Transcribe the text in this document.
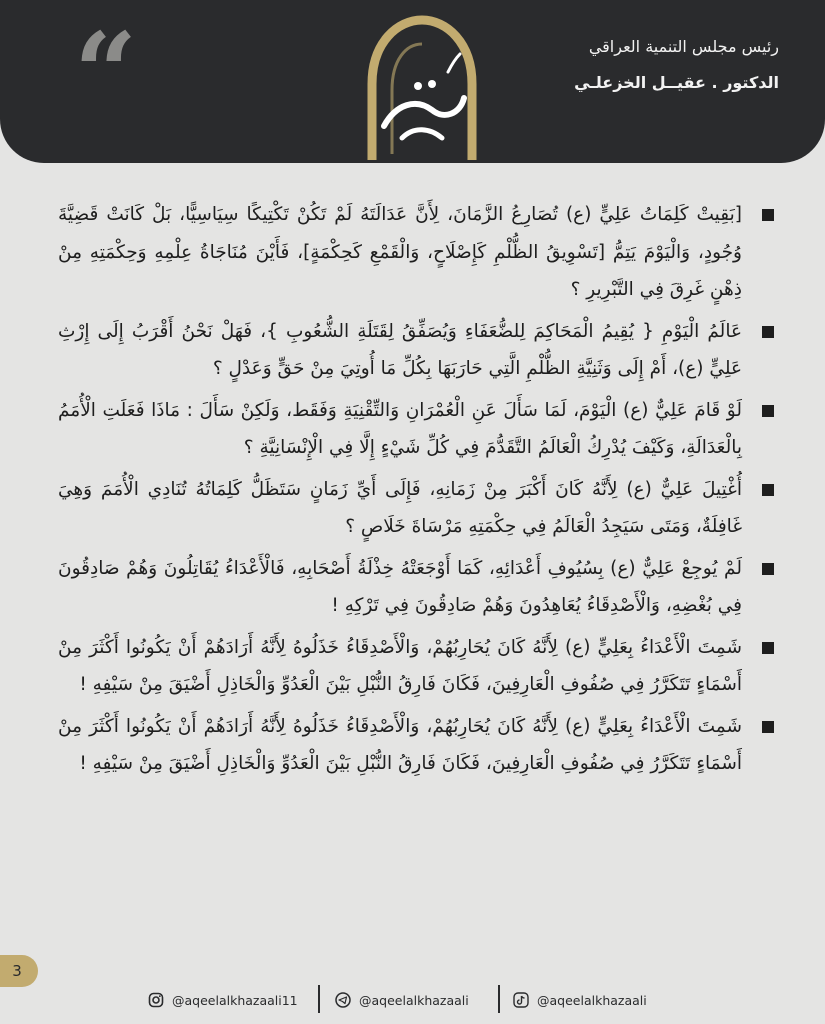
“	رئيس مجلس التنمية العراقي
الدكتور . عقيــل الخزعلـي

[بَقِيتْ كَلِمَاتُ عَلِيٍّ (ع) تُصَارِعُ الزَّمَانَ، لِأَنَّ عَدَالَتَهُ لَمْ تَكُنْ تَكْتِيكًا سِيَاسِيًّا، بَلْ كَانَتْ قَضِيَّةَ وُجُودٍ، وَالْيَوْمَ يَتِمُّ [تَسْوِيقُ الظُّلْمِ كَإِصْلَاحٍ، وَالْقَمْعِ كَحِكْمَةٍ]، فَأَيْنَ مُنَاجَاةُ عِلْمِهِ وَحِكْمَتِهِ مِنْ ذِهْنٍ غَرِقَ فِي التَّبْرِيرِ ؟

عَالَمُ الْيَوْمِ { يُقِيمُ الْمَحَاكِمَ لِلضُّعَفَاءِ وَيُصَفِّقُ لِقَتَلَةِ الشُّعُوبِ }، فَهَلْ نَحْنُ أَقْرَبُ إِلَى إِرْثِ عَلِيٍّ (ع)، أَمْ إِلَى وَثَنِيَّةِ الظُّلْمِ الَّتِي حَارَبَهَا بِكُلِّ مَا أُوتِيَ مِنْ حَقٍّ وَعَدْلٍ ؟

لَوْ قَامَ عَلِيٌّ (ع) الْيَوْمَ، لَمَا سَأَلَ عَنِ الْعُمْرَانِ وَالتِّقْنِيَةِ وَفَقَط، وَلَكِنْ سَأَلَ : مَاذَا فَعَلَتِ الْأُمَمُ بِالْعَدَالَةِ، وَكَيْفَ يُدْرِكُ الْعَالَمُ التَّقَدُّمَ فِي كُلِّ شَيْءٍ إِلَّا فِي الْإِنْسَانِيَّةِ ؟

أُغْتِيلَ عَلِيٌّ (ع) لِأَنَّهُ كَانَ أَكْبَرَ مِنْ زَمَانِهِ، فَإِلَى أَيِّ زَمَانٍ سَتَظَلُّ كَلِمَاتُهُ تُنَادِي الْأُمَمَ وَهِيَ غَافِلَةٌ، وَمَتَى سَيَجِدُ الْعَالَمُ فِي حِكْمَتِهِ مَرْسَاةَ خَلَاصٍ ؟

لَمْ يُوجِعْ عَلِيٌّ (ع) بِسُيُوفِ أَعْدَائِهِ، كَمَا أَوْجَعَتْهُ خِذْلَةُ أَصْحَابِهِ، فَالْأَعْدَاءُ يُقَاتِلُونَ وَهُمْ صَادِقُونَ فِي بُغْضِهِ، وَالْأَصْدِقَاءُ يُعَاهِدُونَ وَهُمْ صَادِقُونَ فِي تَرْكِهِ !

شَمِتَ الْأَعْدَاءُ بِعَلِيٍّ (ع) لِأَنَّهُ كَانَ يُحَارِبُهُمْ، وَالْأَصْدِقَاءُ خَذَلُوهُ لِأَنَّهُ أَرَادَهُمْ أَنْ يَكُونُوا أَكْثَرَ مِنْ أَسْمَاءٍ تَتَكَرَّرُ فِي صُفُوفِ الْعَارِفِينَ، فَكَانَ فَارِقُ النُّبْلِ بَيْنَ الْعَدُوِّ وَالْخَاذِلِ أَضْيَقَ مِنْ سَيْفِهِ !

شَمِتَ الْأَعْدَاءُ بِعَلِيٍّ (ع) لِأَنَّهُ كَانَ يُحَارِبُهُمْ، وَالْأَصْدِقَاءُ خَذَلُوهُ لِأَنَّهُ أَرَادَهُمْ أَنْ يَكُونُوا أَكْثَرَ مِنْ أَسْمَاءٍ تَتَكَرَّرُ فِي صُفُوفِ الْعَارِفِينَ، فَكَانَ فَارِقُ النُّبْلِ بَيْنَ الْعَدُوِّ وَالْخَاذِلِ أَضْيَقَ مِنْ سَيْفِهِ !

3
@aqeelalkhazaali11	@aqeelalkhazaali	@aqeelalkhazaali
